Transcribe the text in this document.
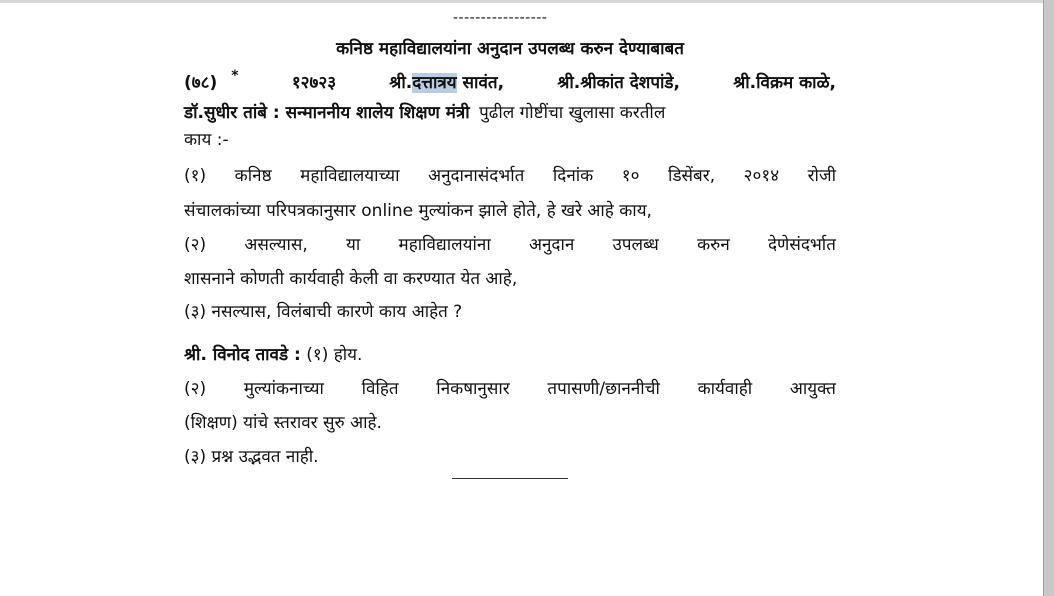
-----------------
कनिष्ठ महाविद्यालयांना अनुदान उपलब्ध करुन देण्याबाबत
(७८) *	१२७२३	श्री.दत्तात्रय सावंत,	श्री.श्रीकांत देशपांडे,	श्री.विक्रम काळे,
डॉ.सुधीर तांबे : सन्माननीय शालेय शिक्षण मंत्री पुढील गोष्टींचा खुलासा करतील
काय :-
(१) कनिष्ठ महाविद्यालयाच्या अनुदानासंदर्भात दिनांक १० डिसेंबर, २०१४ रोजी
संचालकांच्या परिपत्रकानुसार online मुल्यांकन झाले होते, हे खरे आहे काय,
(२) असल्यास, या महाविद्यालयांना अनुदान उपलब्ध करुन देणेसंदर्भात
शासनाने कोणती कार्यवाही केली वा करण्यात येत आहे,
(३) नसल्यास, विलंबाची कारणे काय आहेत ?
श्री. विनोद तावडे : (१) होय.
(२) मुल्यांकनाच्या विहित निकषानुसार तपासणी/छाननीची कार्यवाही आयुक्त
(शिक्षण) यांचे स्तरावर सुरु आहे.
(३) प्रश्न उद्भवत नाही.
